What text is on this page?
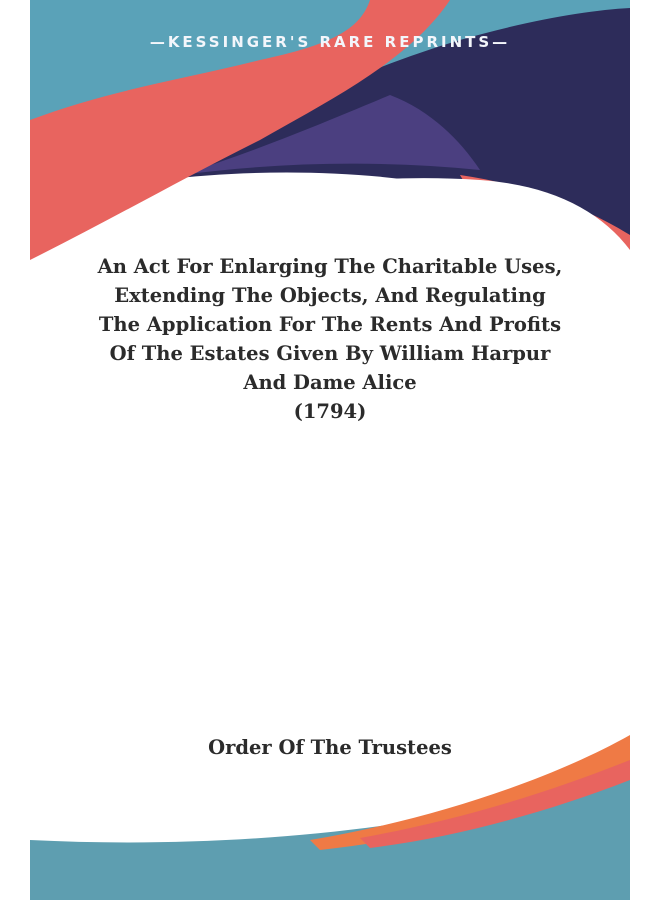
—KESSINGER'S RARE REPRINTS—
An Act For Enlarging The Charitable Uses,
Extending The Objects, And Regulating
The Application For The Rents And Profits
Of The Estates Given By William Harpur
And Dame Alice
(1794)
Order Of The Trustees
